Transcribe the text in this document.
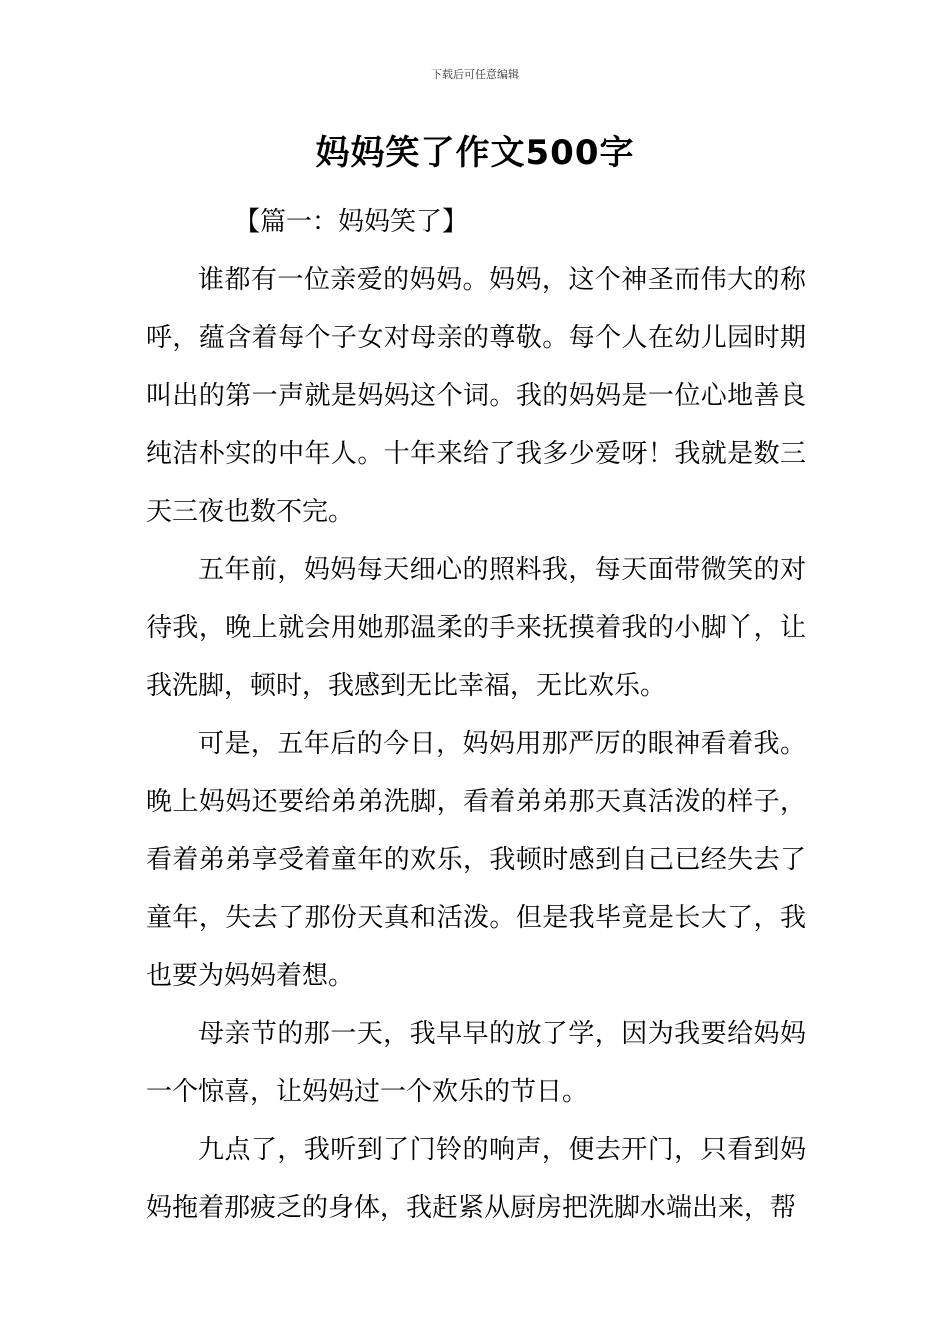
下载后可任意编辑
妈妈笑了作文500字

【篇一：妈妈笑了】

谁都有一位亲爱的妈妈。妈妈，这个神圣而伟大的称呼，蕴含着每个子女对母亲的尊敬。每个人在幼儿园时期叫出的第一声就是妈妈这个词。我的妈妈是一位心地善良纯洁朴实的中年人。十年来给了我多少爱呀！我就是数三天三夜也数不完。

五年前，妈妈每天细心的照料我，每天面带微笑的对待我，晚上就会用她那温柔的手来抚摸着我的小脚丫，让我洗脚，顿时，我感到无比幸福，无比欢乐。

可是，五年后的今日，妈妈用那严厉的眼神看着我。晚上妈妈还要给弟弟洗脚，看着弟弟那天真活泼的样子，看着弟弟享受着童年的欢乐，我顿时感到自己已经失去了童年，失去了那份天真和活泼。但是我毕竟是长大了，我也要为妈妈着想。

母亲节的那一天，我早早的放了学，因为我要给妈妈一个惊喜，让妈妈过一个欢乐的节日。

九点了，我听到了门铃的响声，便去开门，只看到妈妈拖着那疲乏的身体，我赶紧从厨房把洗脚水端出来，帮
